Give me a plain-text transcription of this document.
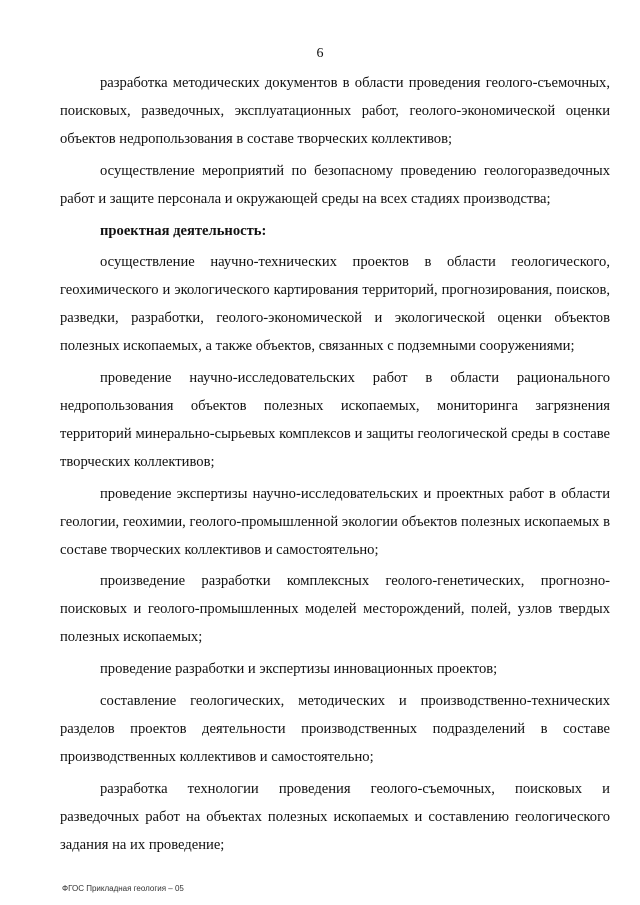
6

разработка методических документов в области проведения геолого-съемочных, поисковых, разведочных, эксплуатационных работ, геолого-экономической оценки объектов недропользования в составе творческих коллективов;

осуществление мероприятий по безопасному проведению геологоразведочных работ и защите персонала и окружающей среды на всех стадиях производства;

проектная деятельность:

осуществление научно-технических проектов в области геологического, геохимического и экологического картирования территорий, прогнозирования, поисков, разведки, разработки, геолого-экономической и экологической оценки объектов полезных ископаемых, а также объектов, связанных с подземными сооружениями;

проведение научно-исследовательских работ в области рационального недропользования объектов полезных ископаемых, мониторинга загрязнения территорий минерально-сырьевых комплексов и защиты геологической среды в составе творческих коллективов;

проведение экспертизы научно-исследовательских и проектных работ в области геологии, геохимии, геолого-промышленной экологии объектов полезных ископаемых в составе творческих коллективов и самостоятельно;

произведение разработки комплексных геолого-генетических, прогнозно-поисковых и геолого-промышленных моделей месторождений, полей, узлов твердых полезных ископаемых;

проведение разработки и экспертизы инновационных проектов;

составление геологических, методических и производственно-технических разделов проектов деятельности производственных подразделений в составе производственных коллективов и самостоятельно;

разработка технологии проведения геолого-съемочных, поисковых и разведочных работ на объектах полезных ископаемых и составлению геологического задания на их проведение;

ФГОС Прикладная геология – 05
